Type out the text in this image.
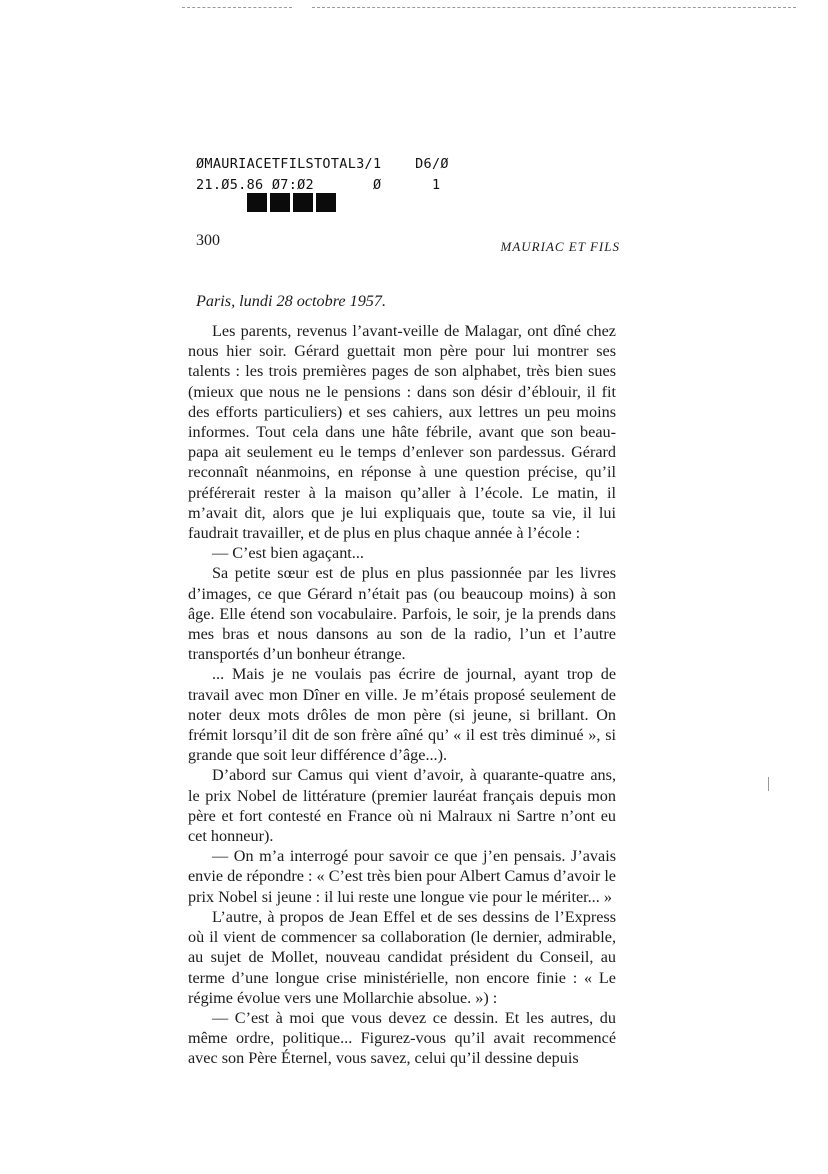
ØMAURIACETFILSTOTAL3/1    D6/Ø
21.Ø5.86 Ø7:Ø2       Ø      1
300	MAURIAC ET FILS
Paris, lundi 28 octobre 1957.

Les parents, revenus l’avant-veille de Malagar, ont dîné chez nous hier soir. Gérard guettait mon père pour lui montrer ses talents : les trois premières pages de son alphabet, très bien sues (mieux que nous ne le pensions : dans son désir d’éblouir, il fit des efforts particuliers) et ses cahiers, aux lettres un peu moins informes. Tout cela dans une hâte fébrile, avant que son beau-papa ait seulement eu le temps d’enlever son pardessus. Gérard reconnaît néanmoins, en réponse à une question précise, qu’il préférerait rester à la maison qu’aller à l’école. Le matin, il m’avait dit, alors que je lui expliquais que, toute sa vie, il lui faudrait travailler, et de plus en plus chaque année à l’école :

— C’est bien agaçant...

Sa petite sœur est de plus en plus passionnée par les livres d’images, ce que Gérard n’était pas (ou beaucoup moins) à son âge. Elle étend son vocabulaire. Parfois, le soir, je la prends dans mes bras et nous dansons au son de la radio, l’un et l’autre transportés d’un bonheur étrange.

... Mais je ne voulais pas écrire de journal, ayant trop de travail avec mon Dîner en ville. Je m’étais proposé seulement de noter deux mots drôles de mon père (si jeune, si brillant. On frémit lorsqu’il dit de son frère aîné qu’ « il est très diminué », si grande que soit leur différence d’âge...).

D’abord sur Camus qui vient d’avoir, à quarante-quatre ans, le prix Nobel de littérature (premier lauréat français depuis mon père et fort contesté en France où ni Malraux ni Sartre n’ont eu cet honneur).

— On m’a interrogé pour savoir ce que j’en pensais. J’avais envie de répondre : « C’est très bien pour Albert Camus d’avoir le prix Nobel si jeune : il lui reste une longue vie pour le mériter... »

L’autre, à propos de Jean Effel et de ses dessins de l’Express où il vient de commencer sa collaboration (le dernier, admirable, au sujet de Mollet, nouveau candidat président du Conseil, au terme d’une longue crise ministérielle, non encore finie : « Le régime évolue vers une Mollarchie absolue. ») :

— C’est à moi que vous devez ce dessin. Et les autres, du même ordre, politique... Figurez-vous qu’il avait recommencé avec son Père Éternel, vous savez, celui qu’il dessine depuis
